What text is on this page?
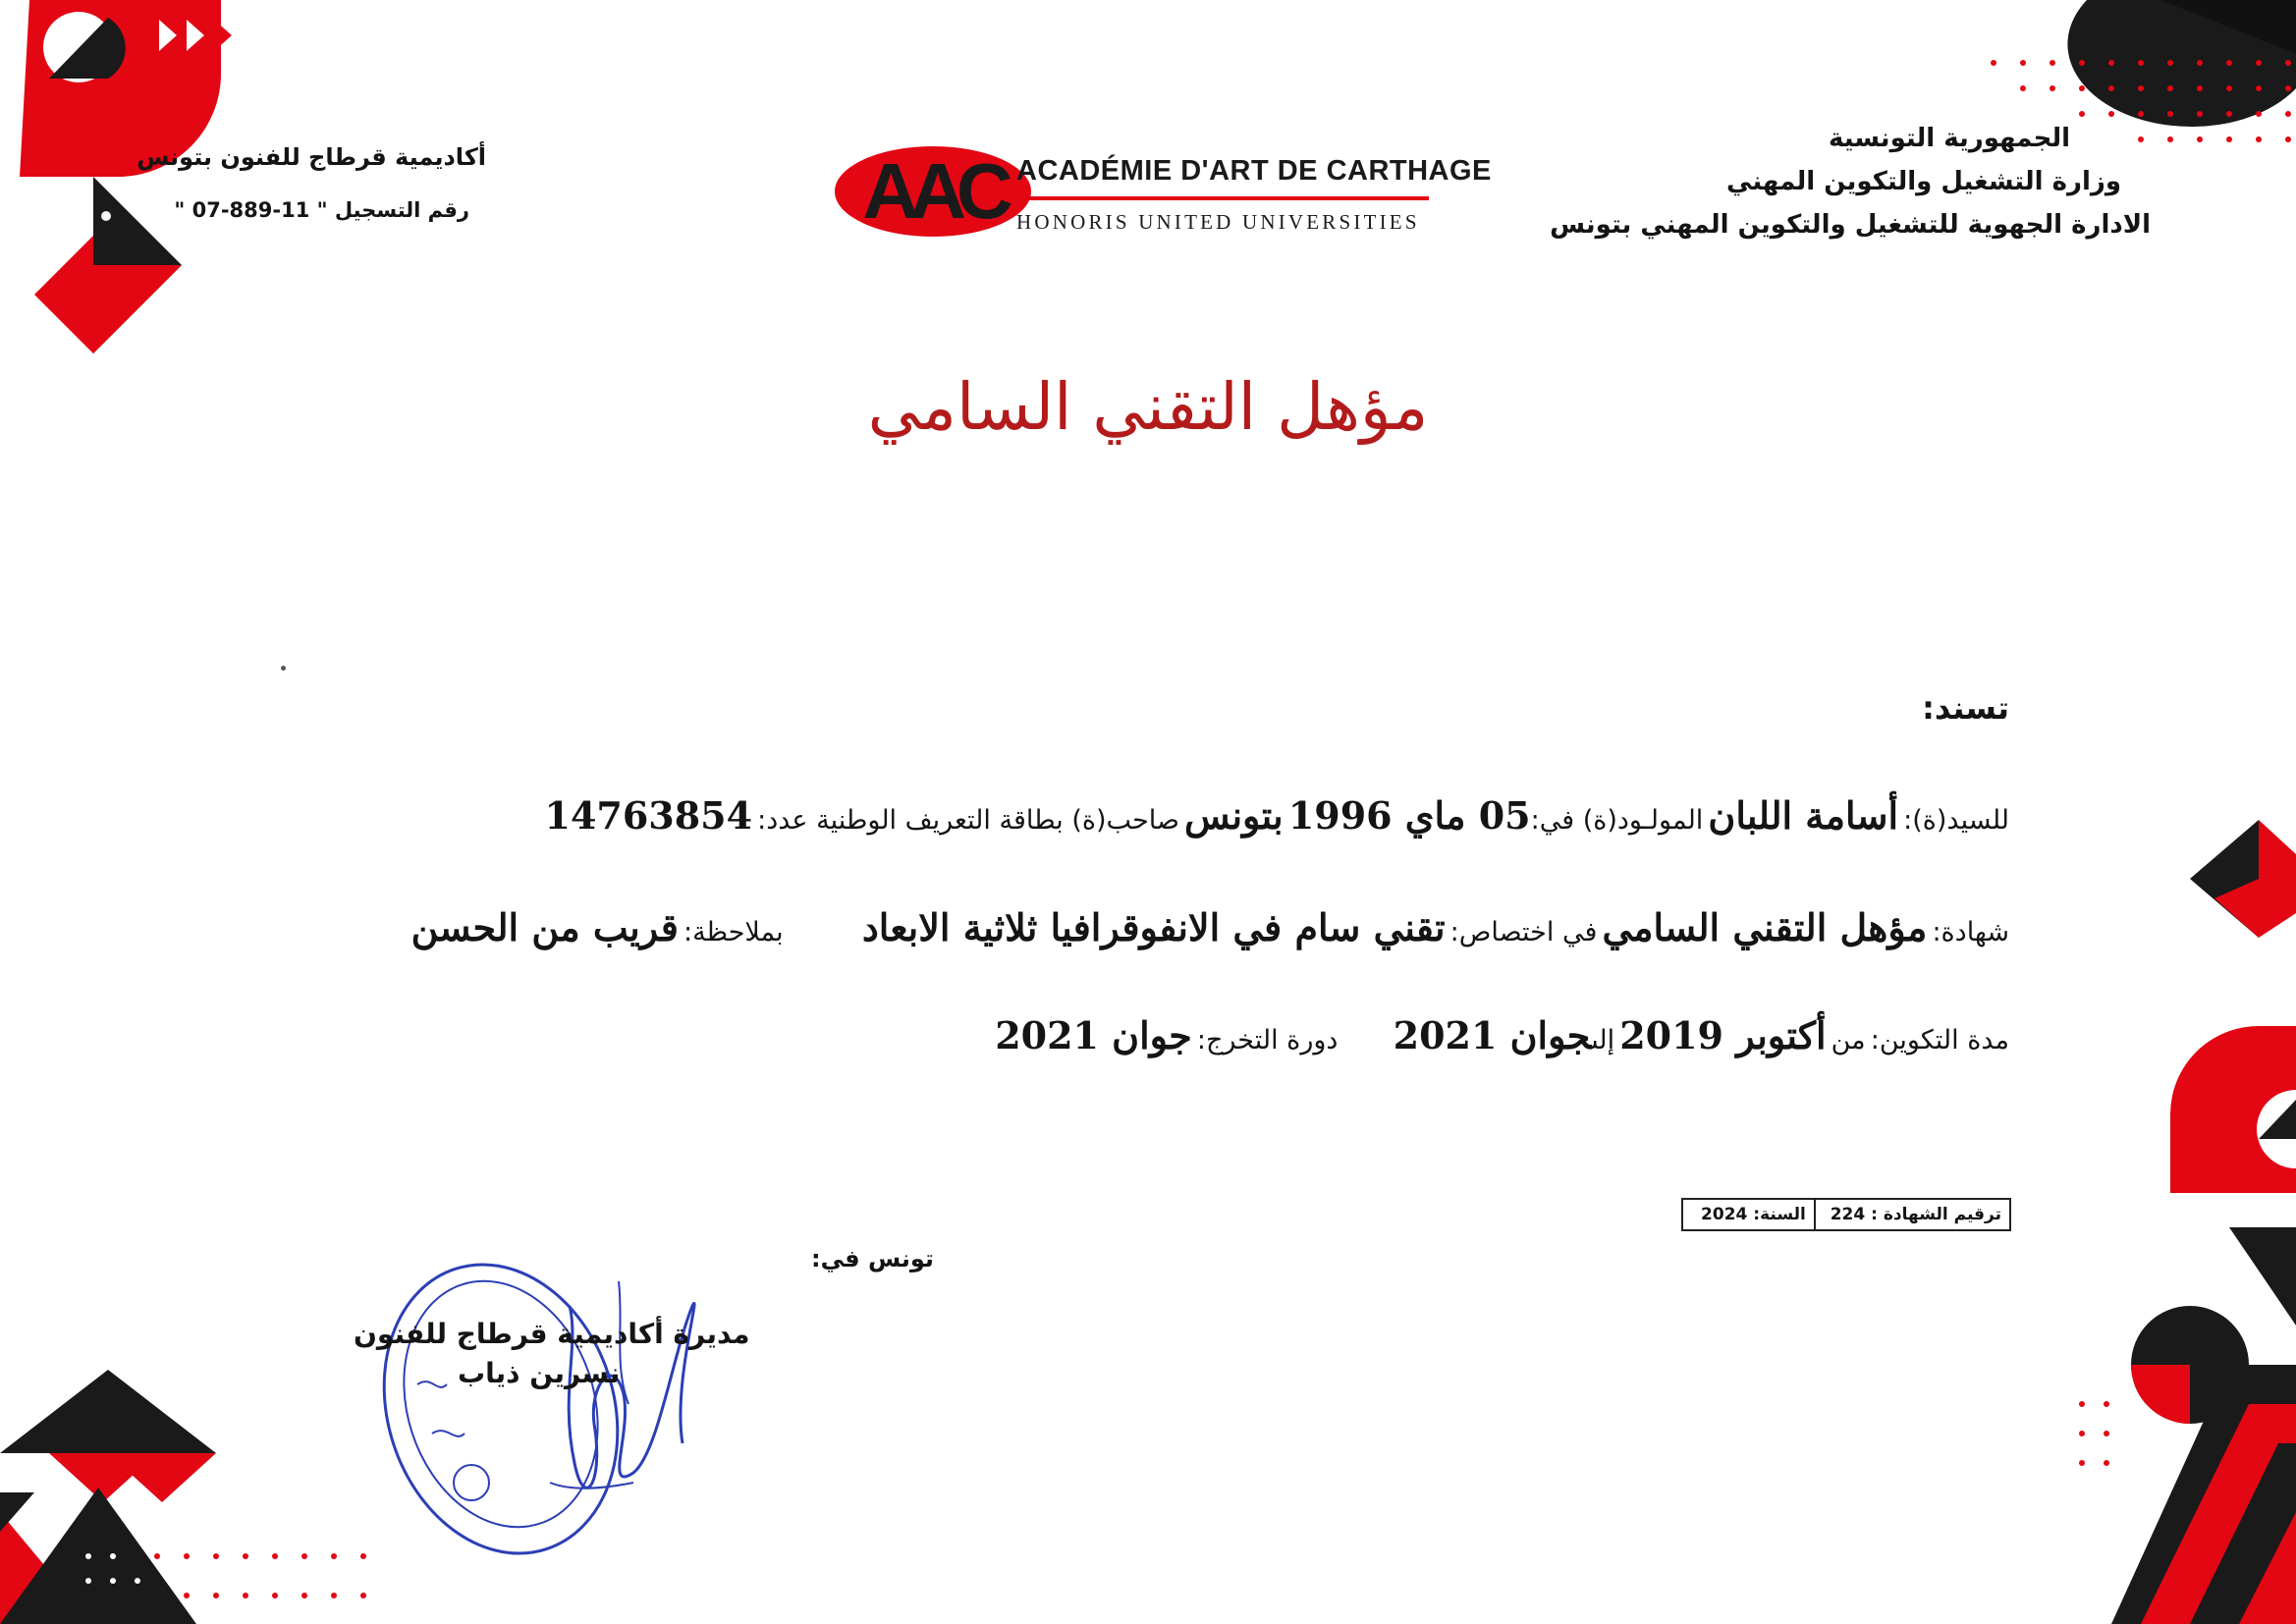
أكاديمية قرطاج للفنون بتونس
رقم التسجيل " 11-889-07 "	AAC ACADÉMIE D'ART DE CARTHAGE
HONORIS UNITED UNIVERSITIES
الجمهورية التونسية
وزارة التشغيل والتكوين المهني
الادارة الجهوية للتشغيل والتكوين المهني بتونس
مؤهل التقني السامي
تسند:
للسيد(ة): أسامة اللبان المولـود(ة) في:05 ماي 1996 بتونس صاحب(ة) بطاقة التعريف الوطنية عدد: 14763854
شهادة: مؤهل التقني السامي في اختصاص: تقني سام في الانفوقرافيا ثلاثية الابعاد  بملاحظة: قريب من الحسن
مدة التكوين: من أكتوبر 2019 إلىجوان 2021  دورة التخرج: جوان 2021
ترقيم الشهادة :

224
السنة:

2024
تونس في:
مديرة أكاديمية قرطاج للفنون
نسرين ذياب
